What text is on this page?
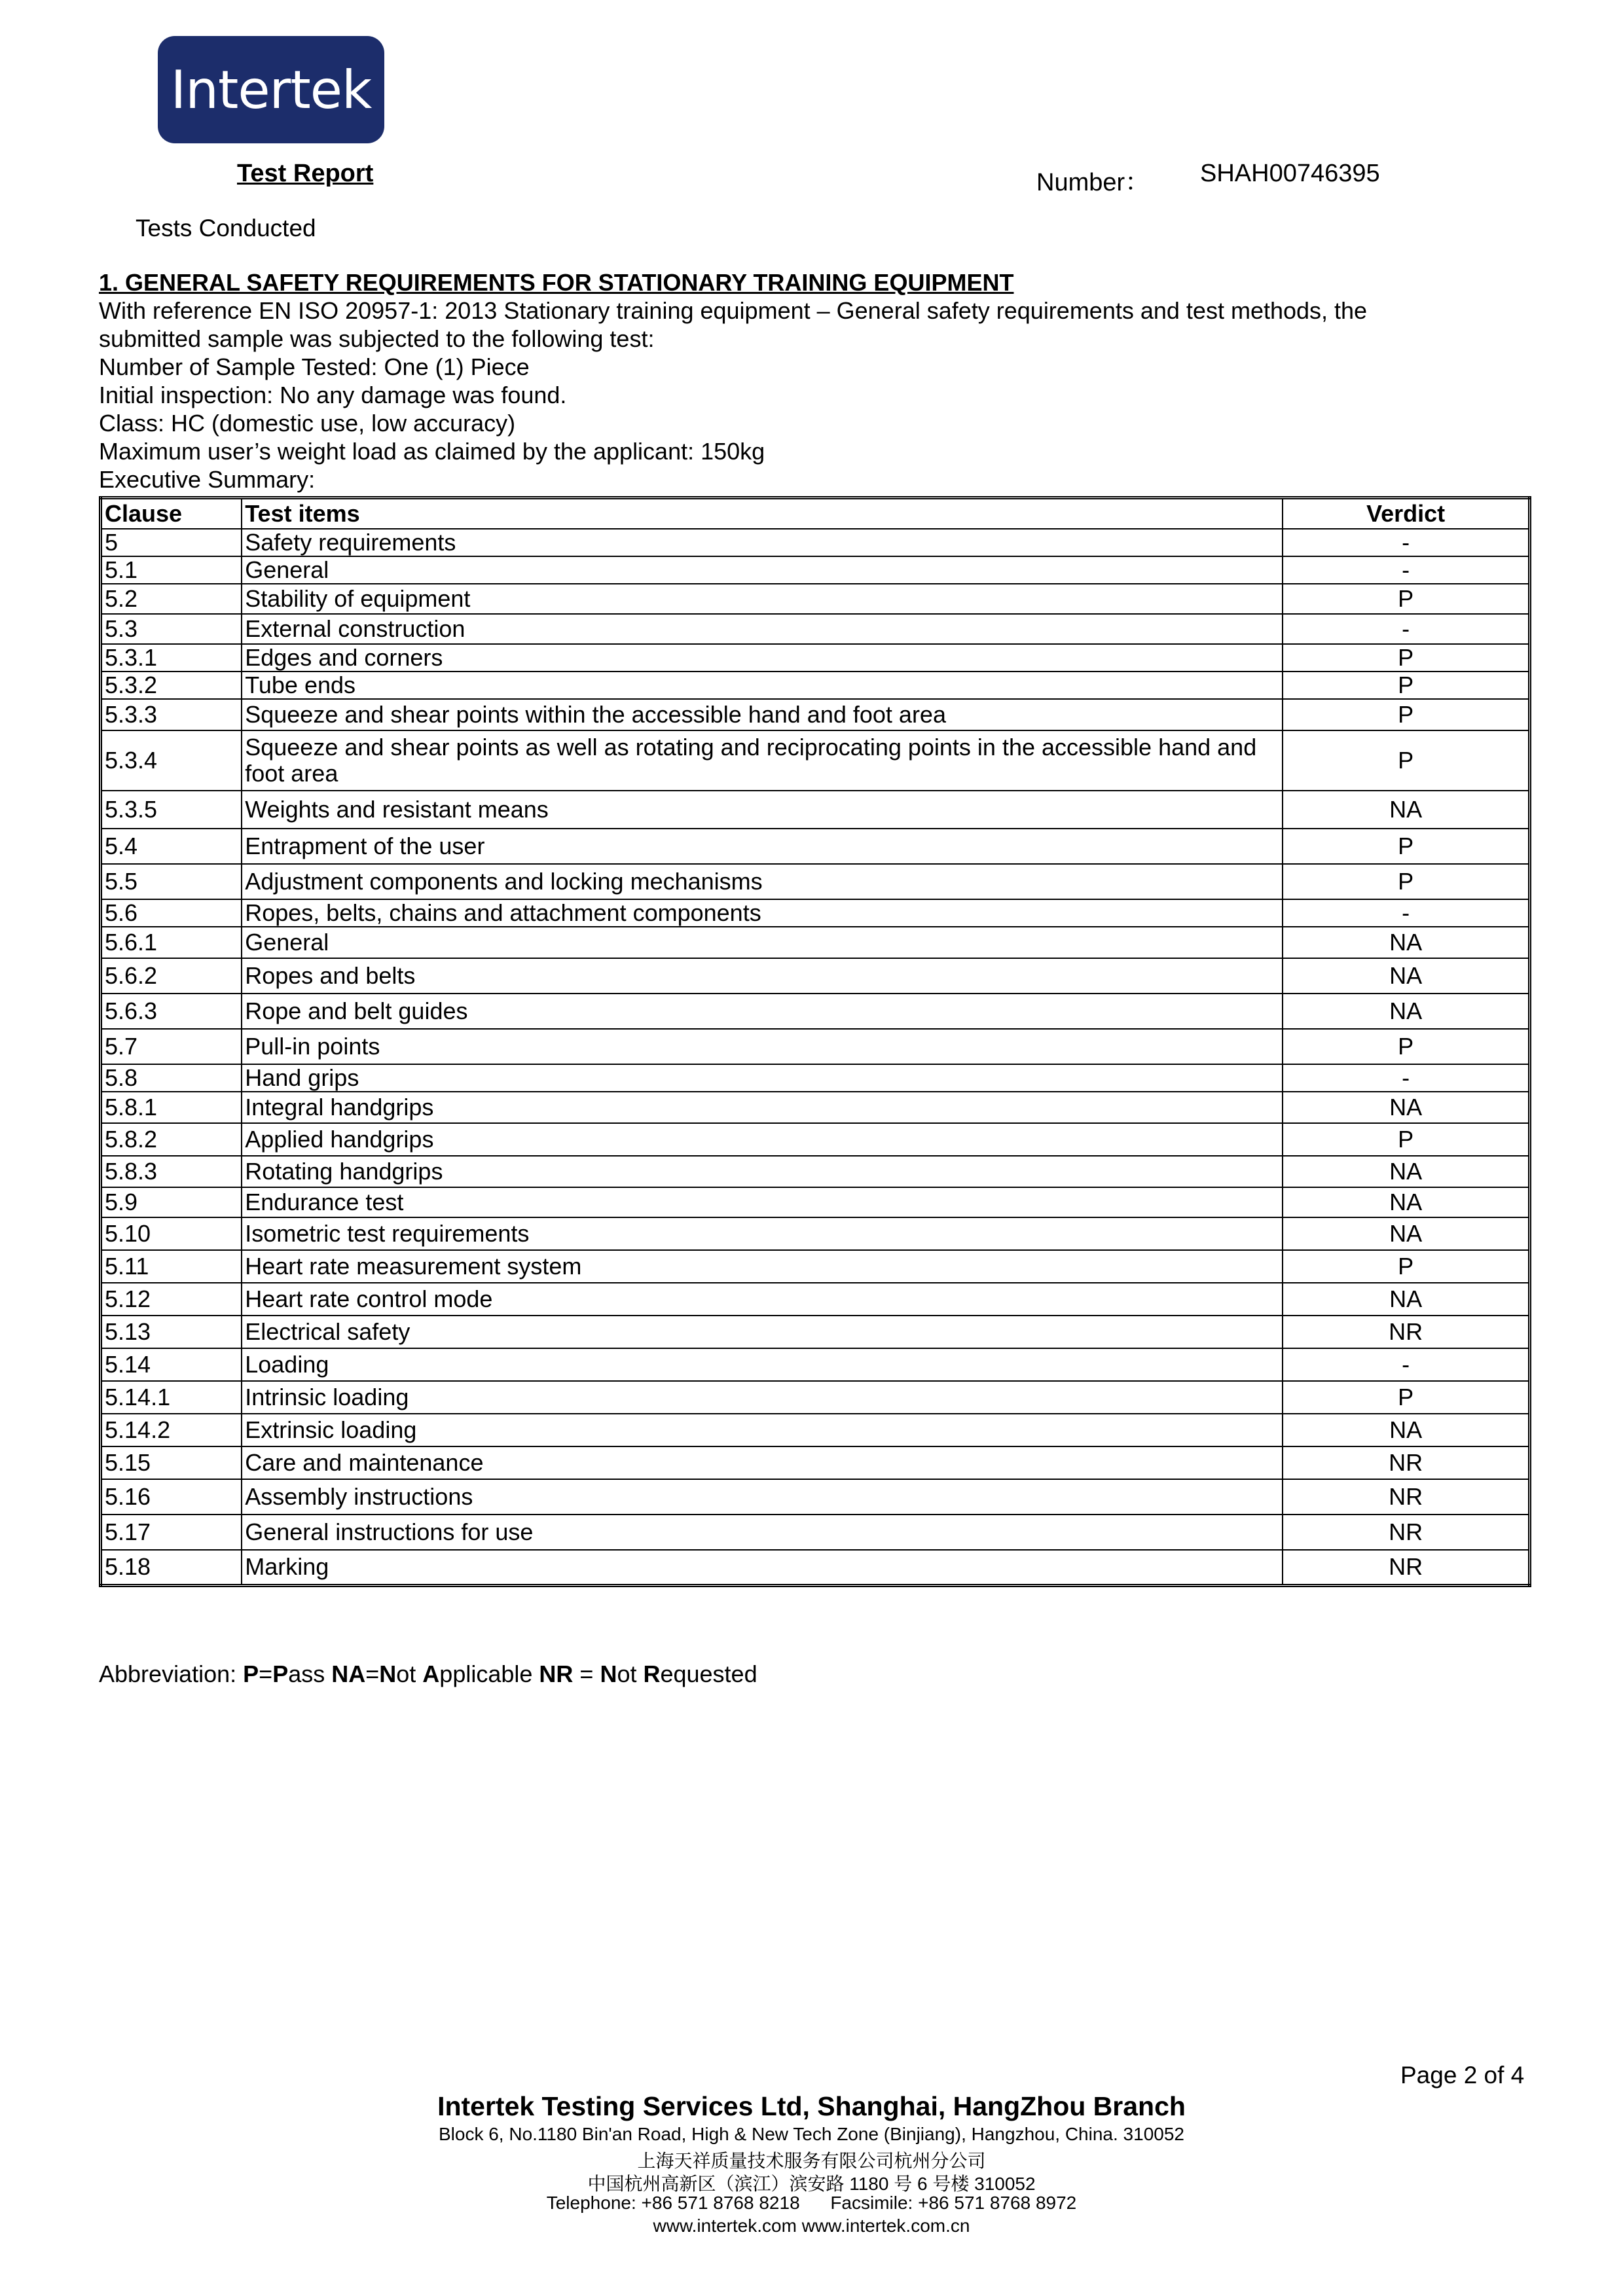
Intertek
Test Report	Number： SHAH00746395
Tests Conducted
1. GENERAL SAFETY REQUIREMENTS FOR STATIONARY TRAINING EQUIPMENT
With reference EN ISO 20957-1: 2013 Stationary training equipment – General safety requirements and test methods, the
submitted sample was subjected to the following test:
Number of Sample Tested: One (1) Piece
Initial inspection: No any damage was found.
Class: HC (domestic use, low accuracy)
Maximum user’s weight load as claimed by the applicant: 150kg
Executive Summary:
Clause	Test items	Verdict
5	Safety requirements	-
5.1	General	-
5.2	Stability of equipment	P
5.3	External construction	-
5.3.1	Edges and corners	P
5.3.2	Tube ends	P
5.3.3	Squeeze and shear points within the accessible hand and foot area	P
5.3.4	Squeeze and shear points as well as rotating and reciprocating points in the accessible hand and foot area	P
5.3.5	Weights and resistant means	NA
5.4	Entrapment of the user	P
5.5	Adjustment components and locking mechanisms	P
5.6	Ropes, belts, chains and attachment components	-
5.6.1	General	NA
5.6.2	Ropes and belts	NA
5.6.3	Rope and belt guides	NA
5.7	Pull-in points	P
5.8	Hand grips	-
5.8.1	Integral handgrips	NA
5.8.2	Applied handgrips	P
5.8.3	Rotating handgrips	NA
5.9	Endurance test	NA
5.10	Isometric test requirements	NA
5.11	Heart rate measurement system	P
5.12	Heart rate control mode	NA
5.13	Electrical safety	NR
5.14	Loading	-
5.14.1	Intrinsic loading	P
5.14.2	Extrinsic loading	NA
5.15	Care and maintenance	NR
5.16	Assembly instructions	NR
5.17	General instructions for use	NR
5.18	Marking	NR
Abbreviation: P=Pass NA=Not Applicable NR = Not Requested
Page 2 of 4
Intertek Testing Services Ltd, Shanghai, HangZhou Branch
Block 6, No.1180 Bin'an Road, High & New Tech Zone (Binjiang), Hangzhou, China. 310052
上海天祥质量技术服务有限公司杭州分公司
中国杭州高新区（滨江）滨安路 1180 号 6 号楼 310052
Telephone: +86 571 8768 8218      Facsimile: +86 571 8768 8972
www.intertek.com www.intertek.com.cn
